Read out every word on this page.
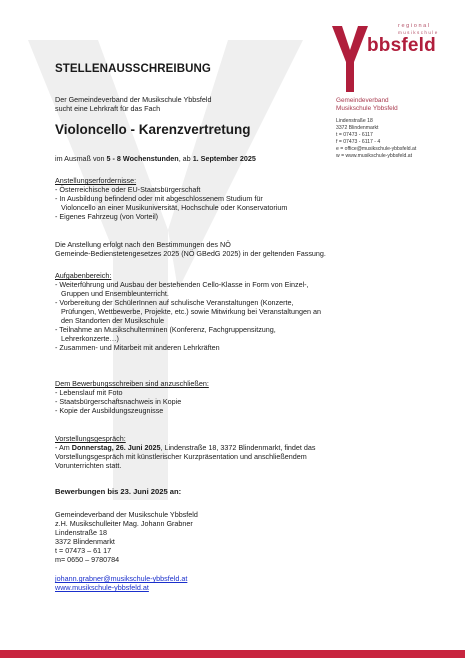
regional
musikschule
bbsfeld
Gemeindeverband
Musikschule Ybbsfeld
Lindenstraße 18
3372 Blindenmarkt
t = 07473 - 6117
f = 07473 - 6117 - 4
e = office@musikschule-ybbsfeld.at
w = www.musikschule-ybbsfeld.at
STELLENAUSSCHREIBUNG
Der Gemeindeverband der Musikschule Ybbsfeld
sucht eine Lehrkraft für das Fach
Violoncello - Karenzvertretung
im Ausmaß von 5 - 8 Wochenstunden, ab 1. September 2025
Anstellungserfordernisse:
- Österreichische oder EU-Staatsbürgerschaft
- In Ausbildung befindend oder mit abgeschlossenem Studium für
Violoncello an einer Musikuniversität, Hochschule oder Konservatorium
- Eigenes Fahrzeug (von Vorteil)
Die Anstellung erfolgt nach den Bestimmungen des NÖ
Gemeinde-Bedienstetengesetzes 2025 (NÖ GBedG 2025) in der geltenden Fassung.
Aufgabenbereich:
- Weiterführung und Ausbau der bestehenden Cello-Klasse in Form von Einzel-,
Gruppen und Ensembleunterricht.
- Vorbereitung der SchülerInnen auf schulische Veranstaltungen (Konzerte,
Prüfungen, Wettbewerbe, Projekte, etc.) sowie Mitwirkung bei Veranstaltungen an
den Standorten der Musikschule
- Teilnahme an Musikschulterminen (Konferenz, Fachgruppensitzung,
Lehrerkonzerte…)
- Zusammen- und Mitarbeit mit anderen Lehrkräften
Dem Bewerbungsschreiben sind anzuschließen:
- Lebenslauf mit Foto
- Staatsbürgerschaftsnachweis in Kopie
- Kopie der Ausbildungszeugnisse
Vorstellungsgespräch:
- Am Donnerstag, 26. Juni 2025, Lindenstraße 18, 3372 Blindenmarkt, findet das
Vorstellungsgespräch mit künstlerischer Kurzpräsentation und anschließendem
Vorunterrichten statt.
Bewerbungen bis 23. Juni 2025 an:
Gemeindeverband der Musikschule Ybbsfeld
z.H. Musikschulleiter Mag. Johann Grabner
Lindenstraße 18
3372 Blindenmarkt
t = 07473 – 61 17
m= 0650 – 9780784
johann.grabner@musikschule-ybbsfeld.at
www.musikschule-ybbsfeld.at
